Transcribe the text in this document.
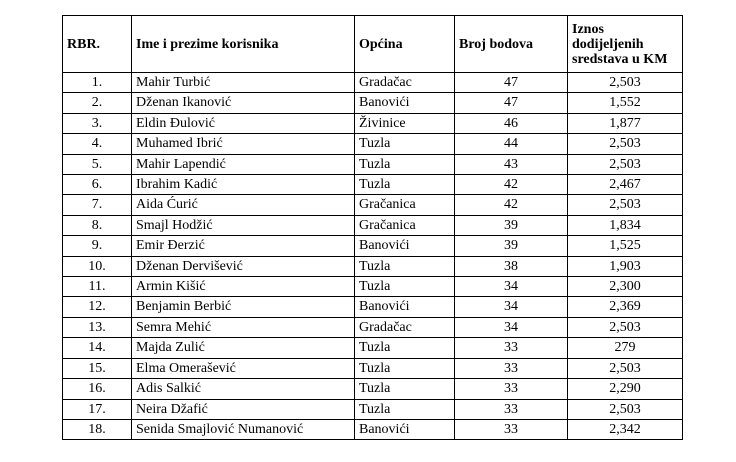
RBR.	Ime i prezime korisnika	Općina	Broj bodova	Iznos dodijeljenih sredstava u KM
1.	Mahir Turbić	Gradačac	47	2,503
2.	Dženan Ikanović	Banovići	47	1,552
3.	Eldin Đulović	Živinice	46	1,877
4.	Muhamed Ibrić	Tuzla	44	2,503
5.	Mahir Lapendić	Tuzla	43	2,503
6.	Ibrahim Kadić	Tuzla	42	2,467
7.	Aida Ćurić	Gračanica	42	2,503
8.	Smajl Hodžić	Gračanica	39	1,834
9.	Emir Đerzić	Banovići	39	1,525
10.	Dženan Dervišević	Tuzla	38	1,903
11.	Armin Kišić	Tuzla	34	2,300
12.	Benjamin Berbić	Banovići	34	2,369
13.	Semra Mehić	Gradačac	34	2,503
14.	Majda Zulić	Tuzla	33	279
15.	Elma Omerašević	Tuzla	33	2,503
16.	Adis Salkić	Tuzla	33	2,290
17.	Neira Džafić	Tuzla	33	2,503
18.	Senida Smajlović Numanović	Banovići	33	2,342
